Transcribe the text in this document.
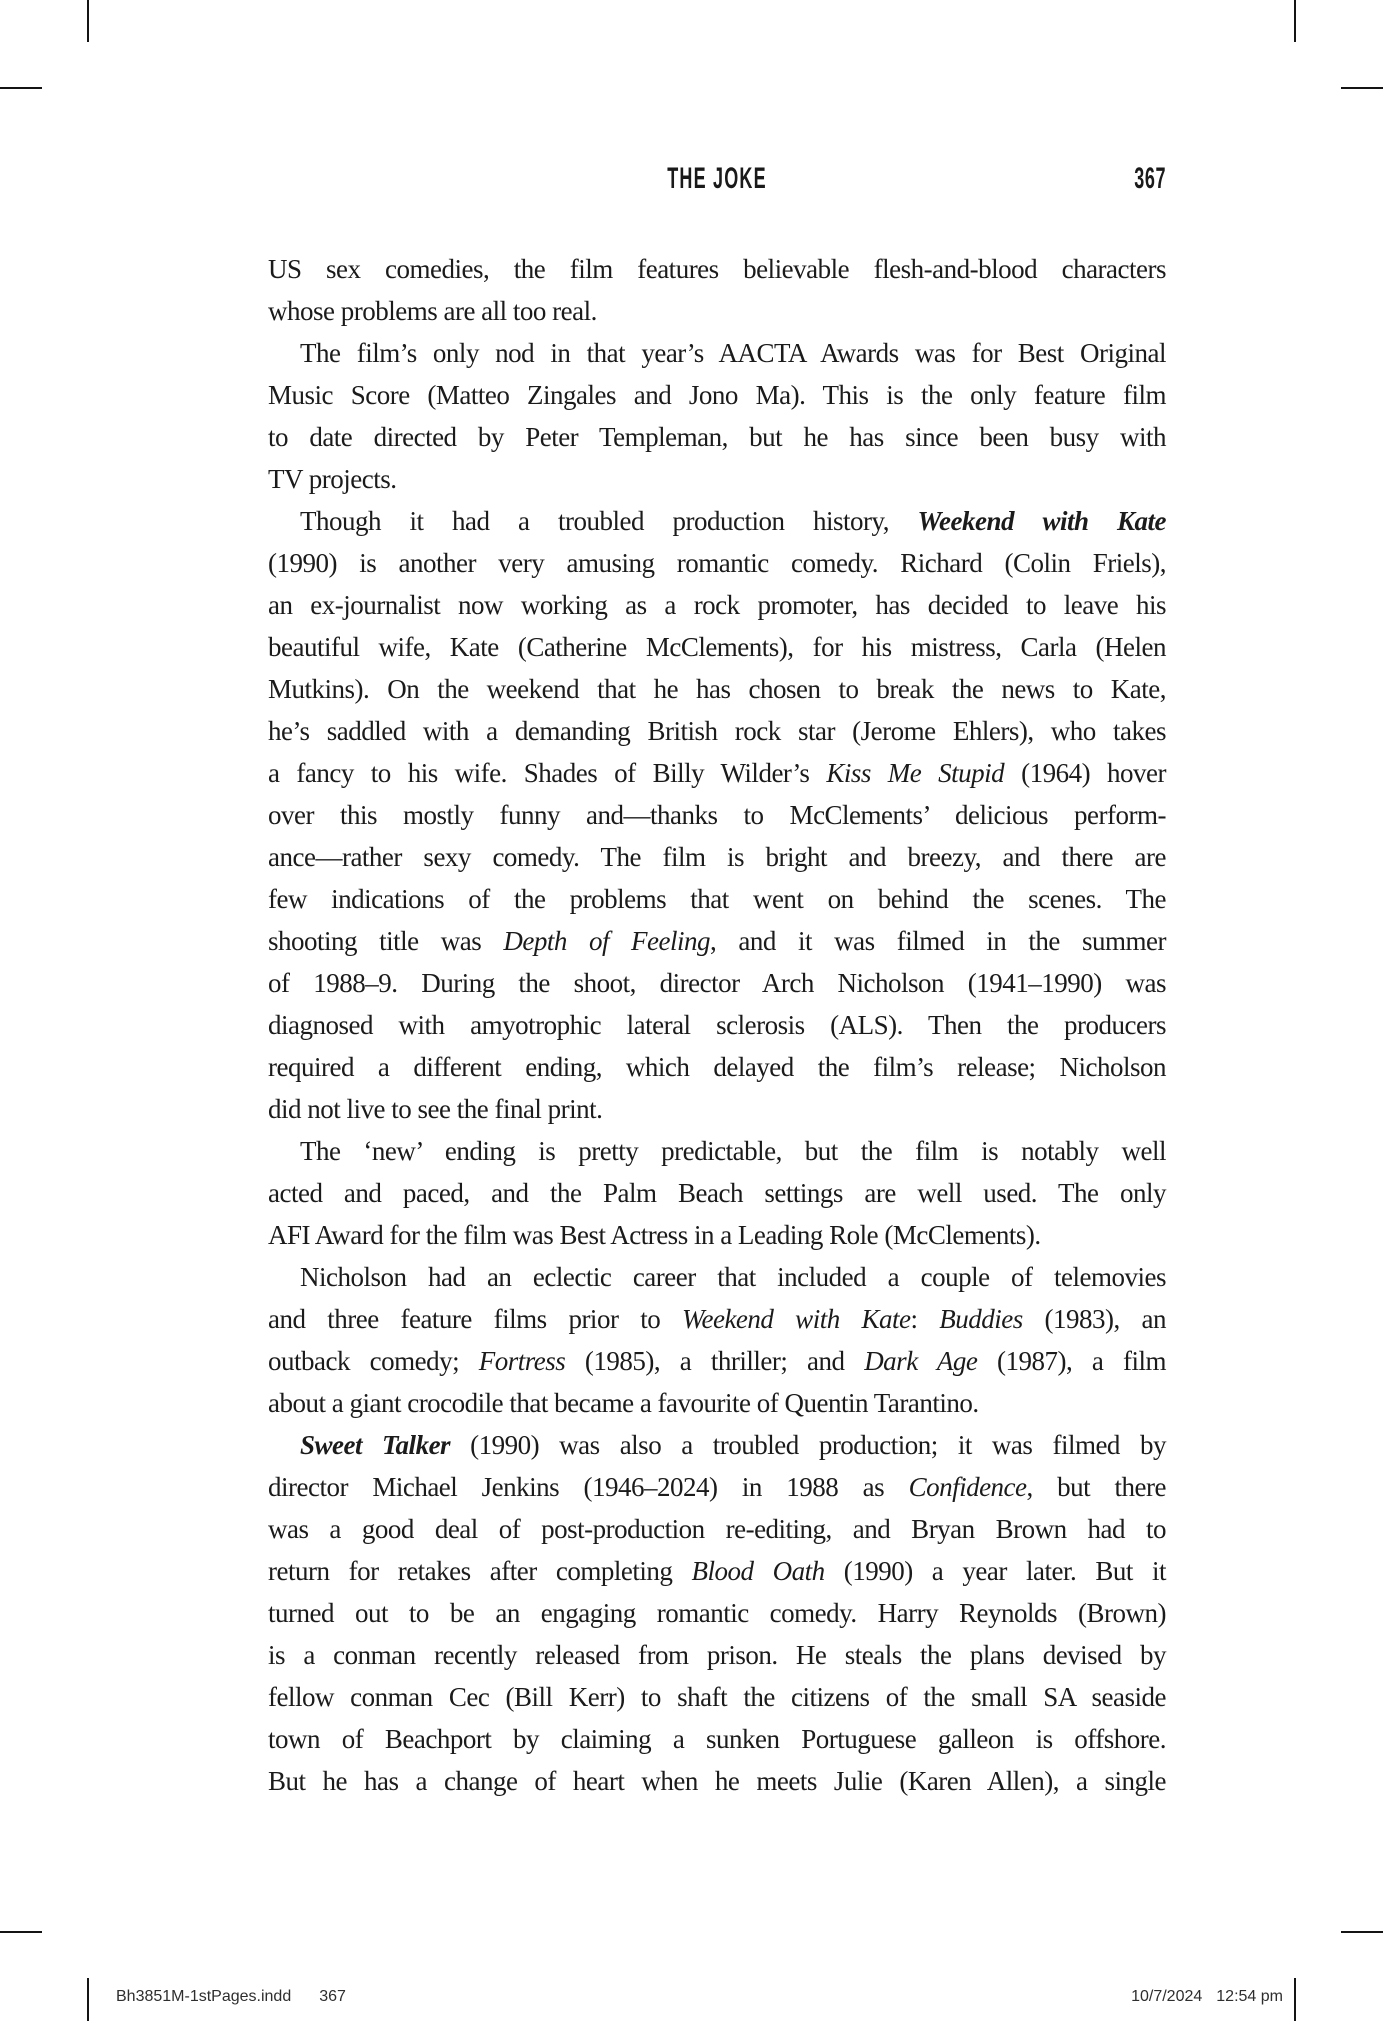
THE JOKE	367
US sex comedies, the film features believable flesh-and-blood characters
whose problems are all too real.
The film’s only nod in that year’s AACTA Awards was for Best Original
Music Score (Matteo Zingales and Jono Ma). This is the only feature film
to date directed by Peter Templeman, but he has since been busy with
TV projects.
Though it had a troubled production history, Weekend with Kate
(1990) is another very amusing romantic comedy. Richard (Colin Friels),
an ex-journalist now working as a rock promoter, has decided to leave his
beautiful wife, Kate (Catherine McClements), for his mistress, Carla (Helen
Mutkins). On the weekend that he has chosen to break the news to Kate,
he’s saddled with a demanding British rock star (Jerome Ehlers), who takes
a fancy to his wife. Shades of Billy Wilder’s Kiss Me Stupid (1964) hover
over this mostly funny and—thanks to McClements’ delicious perform-
ance—rather sexy comedy. The film is bright and breezy, and there are
few indications of the problems that went on behind the scenes. The
shooting title was Depth of Feeling, and it was filmed in the summer
of 1988–9. During the shoot, director Arch Nicholson (1941–1990) was
diagnosed with amyotrophic lateral sclerosis (ALS). Then the producers
required a different ending, which delayed the film’s release; Nicholson
did not live to see the final print.
The ‘new’ ending is pretty predictable, but the film is notably well
acted and paced, and the Palm Beach settings are well used. The only
AFI Award for the film was Best Actress in a Leading Role (McClements).
Nicholson had an eclectic career that included a couple of telemovies
and three feature films prior to Weekend with Kate: Buddies (1983), an
outback comedy; Fortress (1985), a thriller; and Dark Age (1987), a film
about a giant crocodile that became a favourite of Quentin Tarantino.
Sweet Talker (1990) was also a troubled production; it was filmed by
director Michael Jenkins (1946–2024) in 1988 as Confidence, but there
was a good deal of post-production re-editing, and Bryan Brown had to
return for retakes after completing Blood Oath (1990) a year later. But it
turned out to be an engaging romantic comedy. Harry Reynolds (Brown)
is a conman recently released from prison. He steals the plans devised by
fellow conman Cec (Bill Kerr) to shaft the citizens of the small SA seaside
town of Beachport by claiming a sunken Portuguese galleon is offshore.
But he has a change of heart when he meets Julie (Karen Allen), a single
Bh3851M-1stPages.indd 367	10/7/2024 12:54 pm
